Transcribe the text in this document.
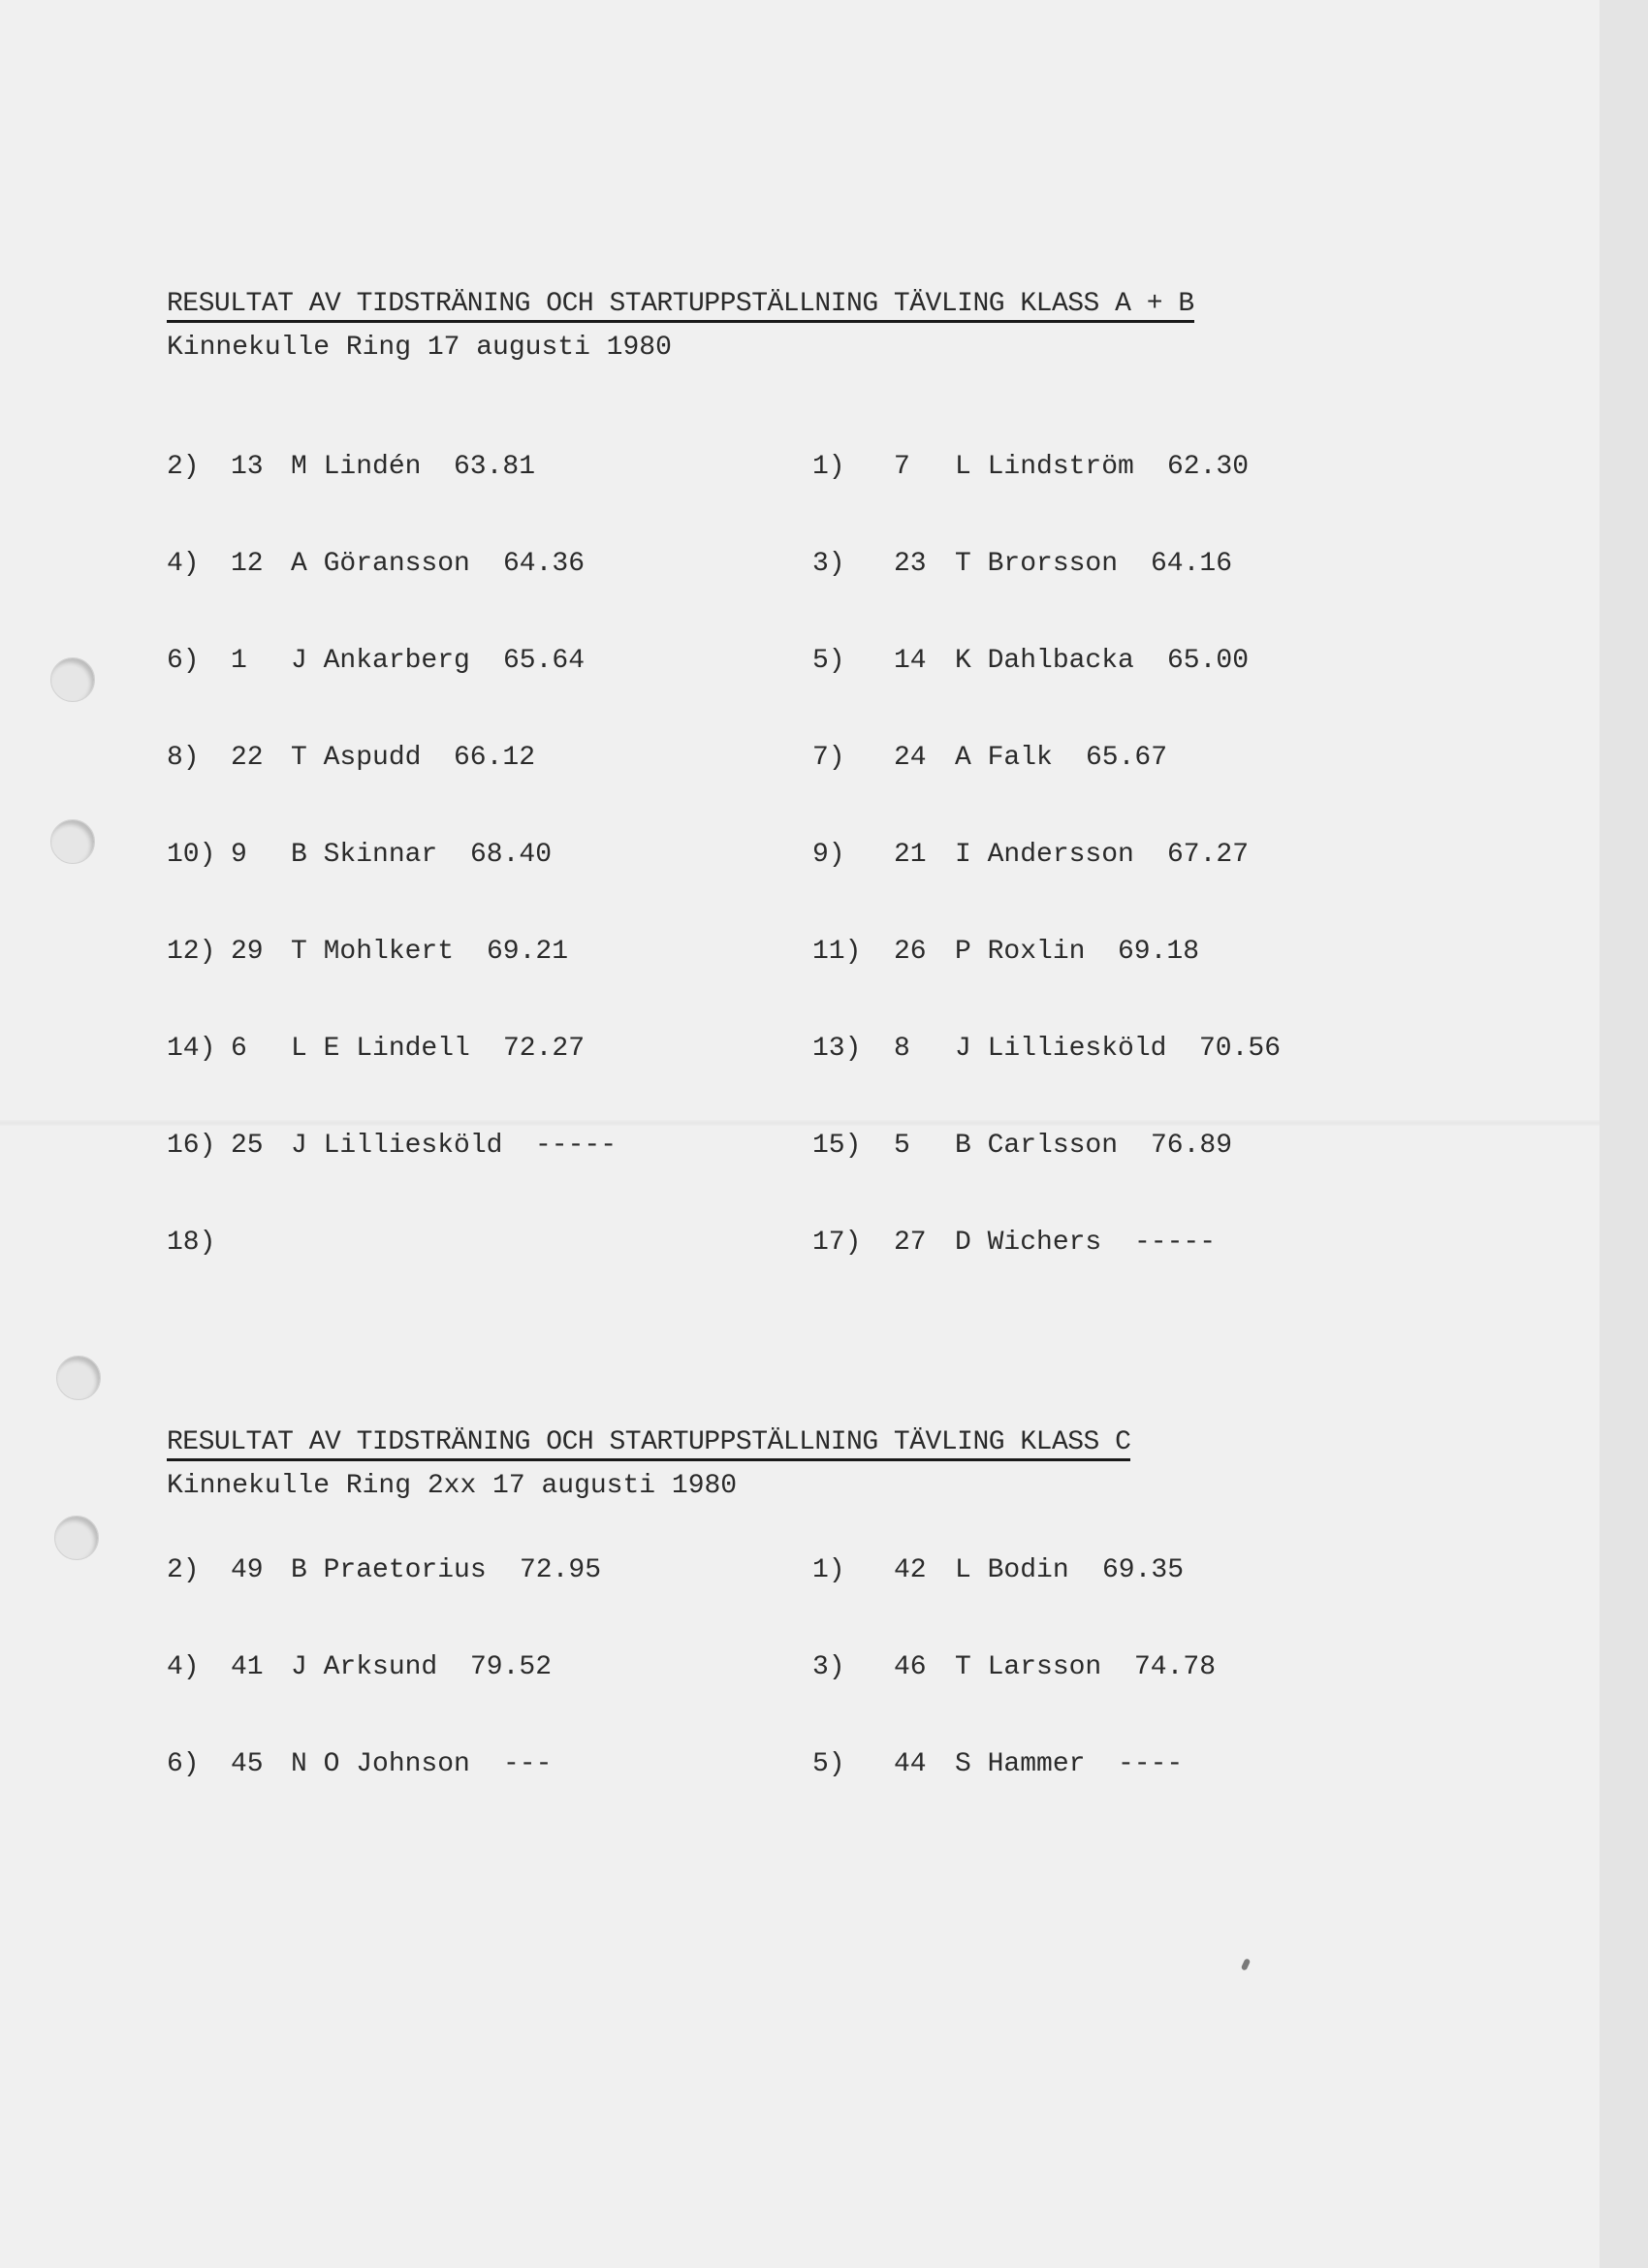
RESULTAT AV TIDSTRÄNING OCH STARTUPPSTÄLLNING TÄVLING KLASS A + B
Kinnekulle Ring 17 augusti 1980
2) 13 M Lindén 63.81	1) 7 L Lindström 62.30
4) 12 A Göransson 64.36	3) 23 T Brorsson 64.16
6) 1 J Ankarberg 65.64	5) 14 K Dahlbacka 65.00
8) 22 T Aspudd 66.12	7) 24 A Falk 65.67
10) 9 B Skinnar 68.40	9) 21 I Andersson 67.27
12) 29 T Mohlkert 69.21	11) 26 P Roxlin 69.18
14) 6 L E Lindell 72.27	13) 8 J Lilliesköld 70.56
16) 25 J Lilliesköld -----	15) 5 B Carlsson 76.89
18)	17) 27 D Wichers -----
RESULTAT AV TIDSTRÄNING OCH STARTUPPSTÄLLNING TÄVLING KLASS C
Kinnekulle Ring 2xx 17 augusti 1980
2) 49 B Praetorius 72.95	1) 42 L Bodin 69.35
4) 41 J Arksund 79.52	3) 46 T Larsson 74.78
6) 45 N O Johnson ---	5) 44 S Hammer ----
